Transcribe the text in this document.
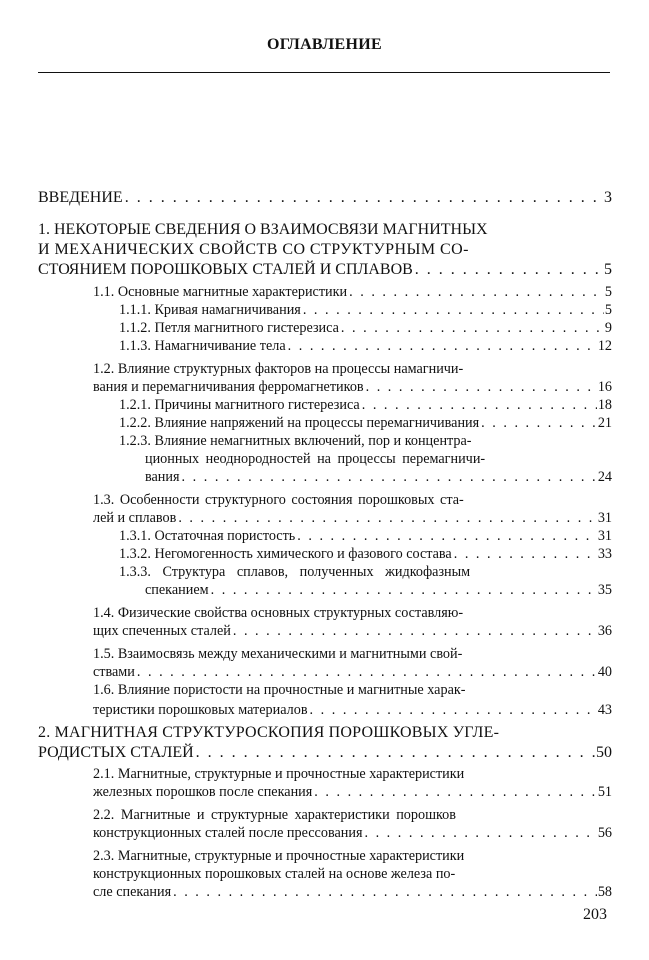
ОГЛАВЛЕНИЕ
ВВЕДЕНИЕ . . .	3
1. НЕКОТОРЫЕ СВЕДЕНИЯ О ВЗАИМОСВЯЗИ МАГНИТНЫХ
И МЕХАНИЧЕСКИХ СВОЙСТВ СО СТРУКТУРНЫМ СО-
СТОЯНИЕМ ПОРОШКОВЫХ СТАЛЕЙ И СПЛАВОВ . . .	5
1.1. Основные магнитные характеристики . . .	5
1.1.1. Кривая намагничивания . . .	5
1.1.2. Петля магнитного гистерезиса . . .	9
1.1.3. Намагничивание тела . . .	12
1.2. Влияние структурных факторов на процессы намагничи-
вания и перемагничивания ферромагнетиков . . .	16
1.2.1. Причины магнитного гистерезиса . . .	18
1.2.2. Влияние напряжений на процессы перемагничивания . . .	21
1.2.3. Влияние немагнитных включений, пор и концентра-
ционных неоднородностей на процессы перемагничи-
вания . . .	24
1.3. Особенности структурного состояния порошковых ста-
лей и сплавов . . .	31
1.3.1. Остаточная пористость . . .	31
1.3.2. Негомогенность химического и фазового состава . . .	33
1.3.3. Структура сплавов, полученных жидкофазным
спеканием . . .	35
1.4. Физические свойства основных структурных составляю-
щих спеченных сталей . . .	36
1.5. Взаимосвязь между механическими и магнитными свой-
ствами . . .	40
1.6. Влияние пористости на прочностные и магнитные харак-
теристики порошковых материалов . . .	43
2. МАГНИТНАЯ СТРУКТУРОСКОПИЯ ПОРОШКОВЫХ УГЛЕ-
РОДИСТЫХ СТАЛЕЙ . . .	50
2.1. Магнитные, структурные и прочностные характеристики
железных порошков после спекания . . .	51
2.2. Магнитные и структурные характеристики порошков
конструкционных сталей после прессования . . .	56
2.3. Магнитные, структурные и прочностные характеристики
конструкционных порошковых сталей на основе железа по-
сле спекания . . .	58
203
